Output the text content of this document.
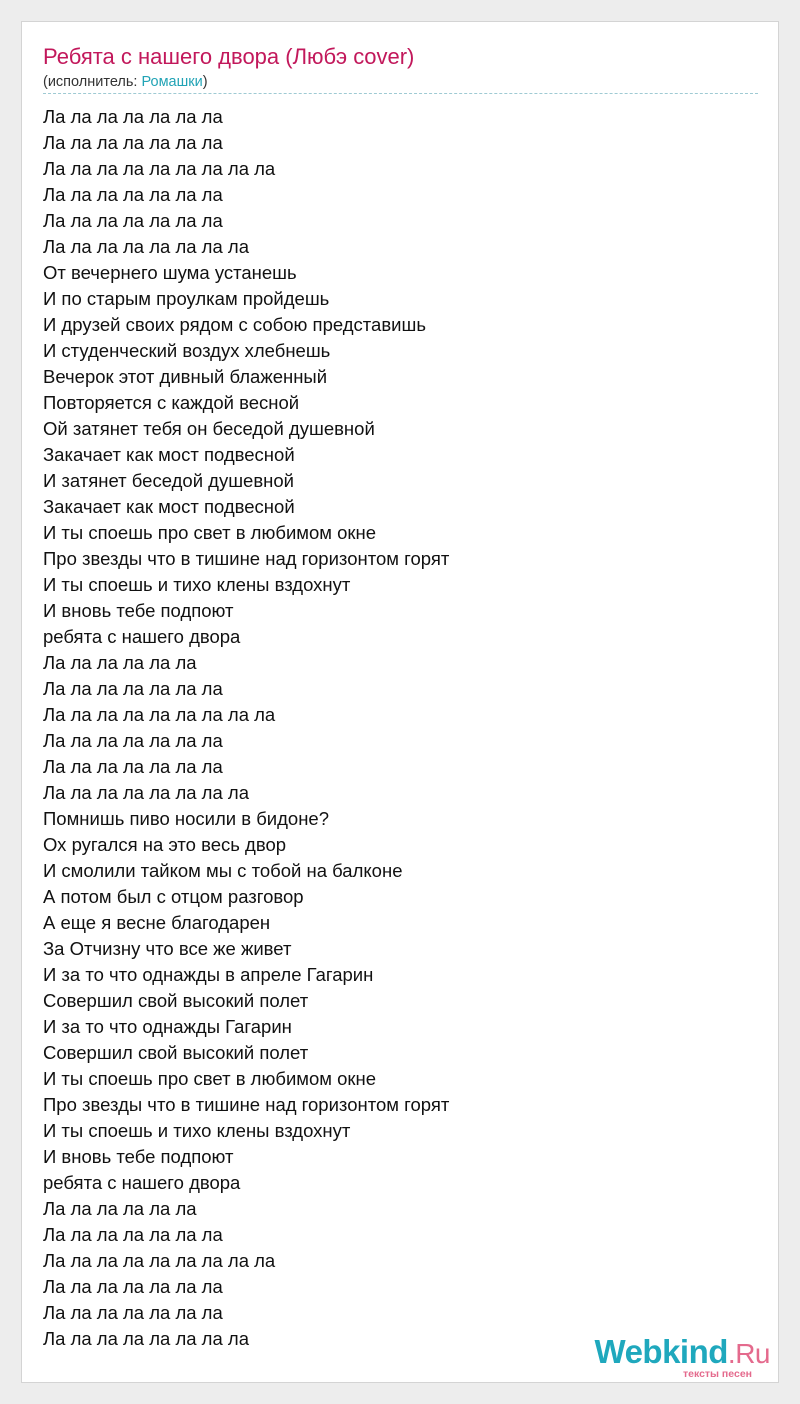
Ребята с нашего двора (Любэ cover)
(исполнитель: Ромашки)
Ла ла ла ла ла ла ла
Ла ла ла ла ла ла ла
Ла ла ла ла ла ла ла ла ла
Ла ла ла ла ла ла ла
Ла ла ла ла ла ла ла
Ла ла ла ла ла ла ла ла
От вечернего шума устанешь
И по старым проулкам пройдешь
И друзей своих рядом с собою представишь
И студенческий воздух хлебнешь
Вечерок этот дивный блаженный
Повторяется с каждой весной
Ой затянет тебя он беседой душевной
Закачает как мост подвесной
И затянет беседой душевной
Закачает как мост подвесной
И ты споешь про свет в любимом окне
Про звезды что в тишине над горизонтом горят
И ты споешь и тихо клены вздохнут
И вновь тебе подпоют
ребята с нашего двора
Ла ла ла ла ла ла
Ла ла ла ла ла ла ла
Ла ла ла ла ла ла ла ла ла
Ла ла ла ла ла ла ла
Ла ла ла ла ла ла ла
Ла ла ла ла ла ла ла ла
Помнишь пиво носили в бидоне?
Ох ругался на это весь двор
И смолили тайком мы с тобой на балконе
А потом был с отцом разговор
А еще я весне благодарен
За Отчизну что все же живет
И за то что однажды в апреле Гагарин
Совершил свой высокий полет
И за то что однажды Гагарин
Совершил свой высокий полет
И ты споешь про свет в любимом окне
Про звезды что в тишине над горизонтом горят
И ты споешь и тихо клены вздохнут
И вновь тебе подпоют
ребята с нашего двора
Ла ла ла ла ла ла
Ла ла ла ла ла ла ла
Ла ла ла ла ла ла ла ла ла
Ла ла ла ла ла ла ла
Ла ла ла ла ла ла ла
Ла ла ла ла ла ла ла ла	Webkind.Ru
тексты песен
